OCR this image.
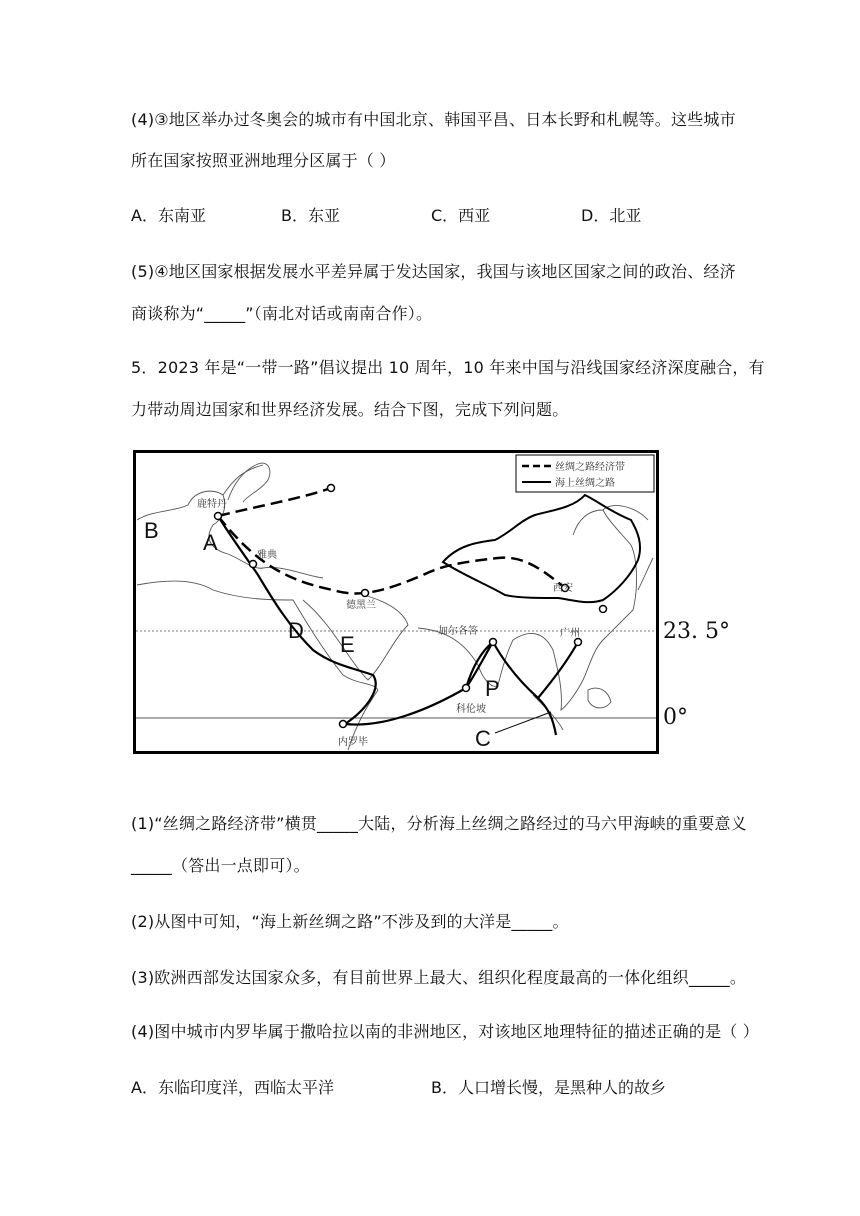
(4)③地区举办过冬奥会的城市有中国北京、韩国平昌、日本长野和札幌等。这些城市
所在国家按照亚洲地理分区属于（ ）
A．东南亚	B．东亚	C．西亚	D．北亚
(5)④地区国家根据发展水平差异属于发达国家，我国与该地区国家之间的政治、经济
商谈称为“_____”（南北对话或南南合作）。
5．2023 年是“一带一路”倡议提出 10 周年，10 年来中国与沿线国家经济深度融合，有
力带动周边国家和世界经济发展。结合下图，完成下列问题。
丝绸之路经济带
海上丝绸之路
鹿特丹
雅典
德黑兰
西安
加尔各答	广州
科伦坡
内罗毕
B A
D
E
P
C
23. 5°
0°
(1)“丝绸之路经济带”横贯_____大陆，分析海上丝绸之路经过的马六甲海峡的重要意义
_____（答出一点即可）。
(2)从图中可知，“海上新丝绸之路”不涉及到的大洋是_____。
(3)欧洲西部发达国家众多，有目前世界上最大、组织化程度最高的一体化组织_____。
(4)图中城市内罗毕属于撒哈拉以南的非洲地区，对该地区地理特征的描述正确的是（ ）
A．东临印度洋，西临太平洋	B．人口增长慢，是黑种人的故乡
